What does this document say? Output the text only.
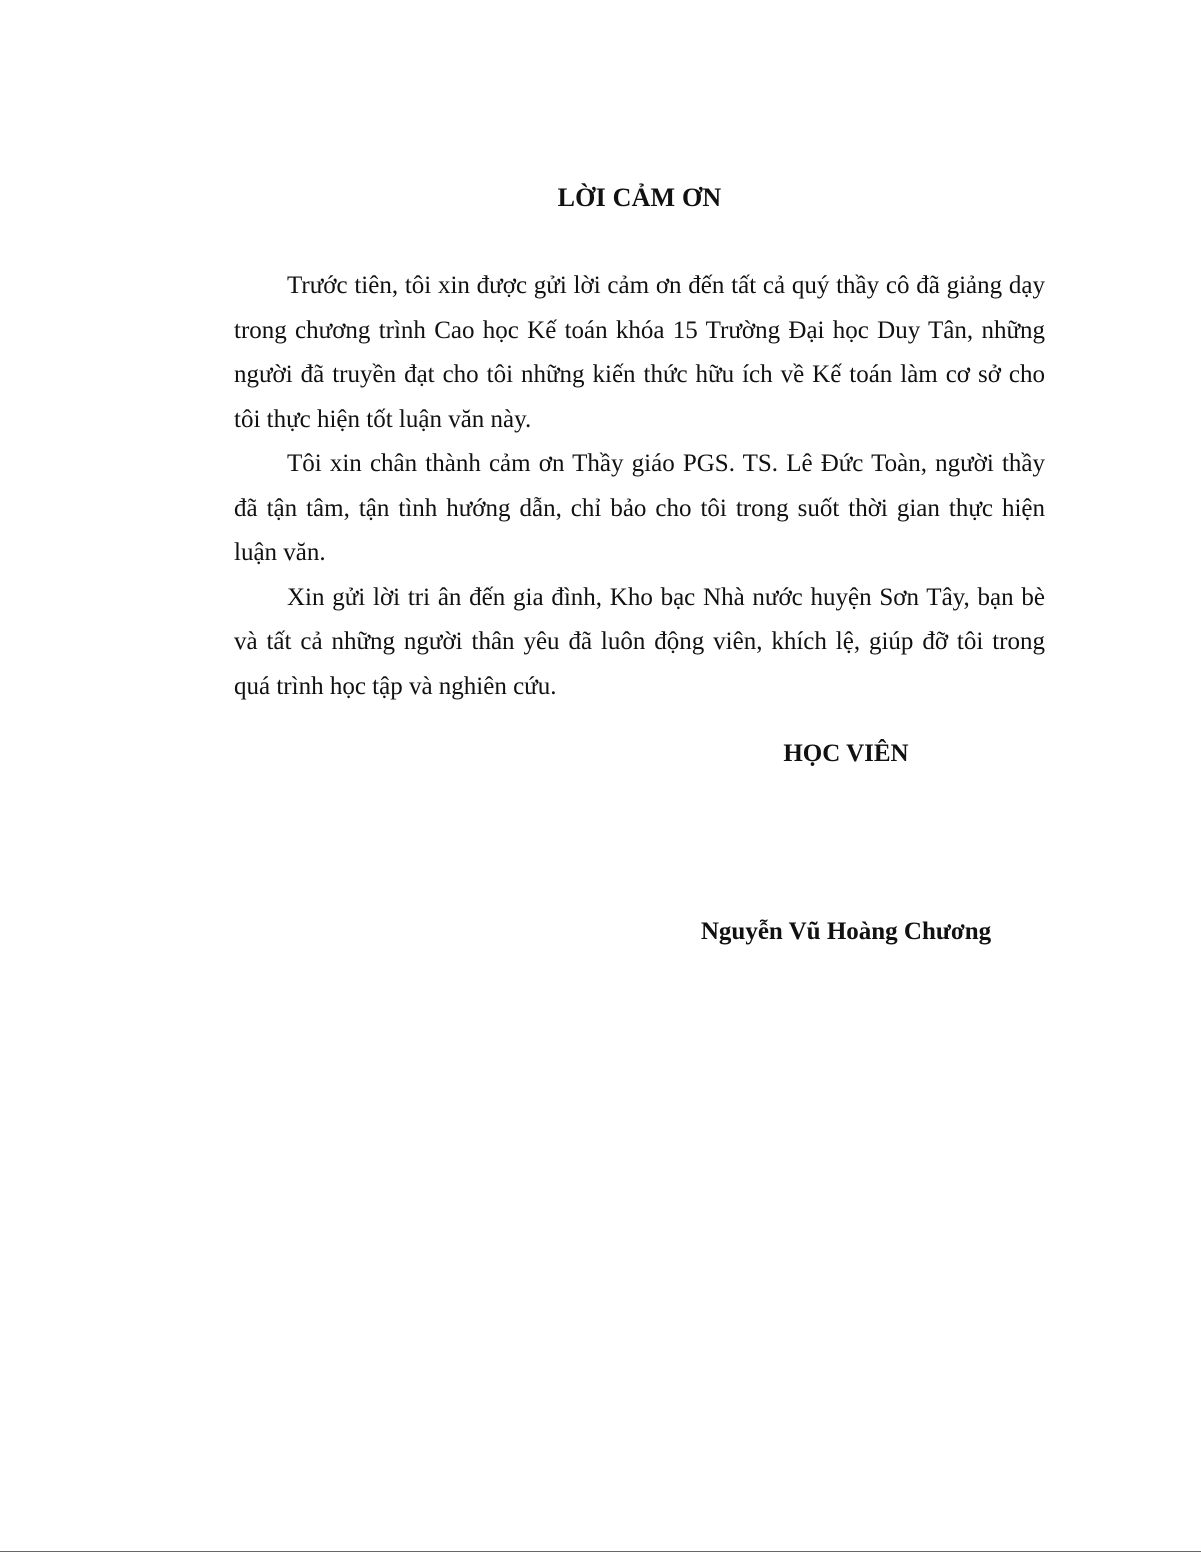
LỜI CẢM ƠN

Trước tiên, tôi xin được gửi lời cảm ơn đến tất cả quý thầy cô đã giảng dạy trong chương trình Cao học Kế toán khóa 15 Trường Đại học Duy Tân, những người đã truyền đạt cho tôi những kiến thức hữu ích về Kế toán làm cơ sở cho tôi thực hiện tốt luận văn này.

Tôi xin chân thành cảm ơn Thầy giáo PGS. TS. Lê Đức Toàn, người thầy đã tận tâm, tận tình hướng dẫn, chỉ bảo cho tôi trong suốt thời gian thực hiện luận văn.

Xin gửi lời tri ân đến gia đình, Kho bạc Nhà nước huyện Sơn Tây, bạn bè và tất cả những người thân yêu đã luôn động viên, khích lệ, giúp đỡ tôi trong quá trình học tập và nghiên cứu.

HỌC VIÊN
Nguyễn Vũ Hoàng Chương
